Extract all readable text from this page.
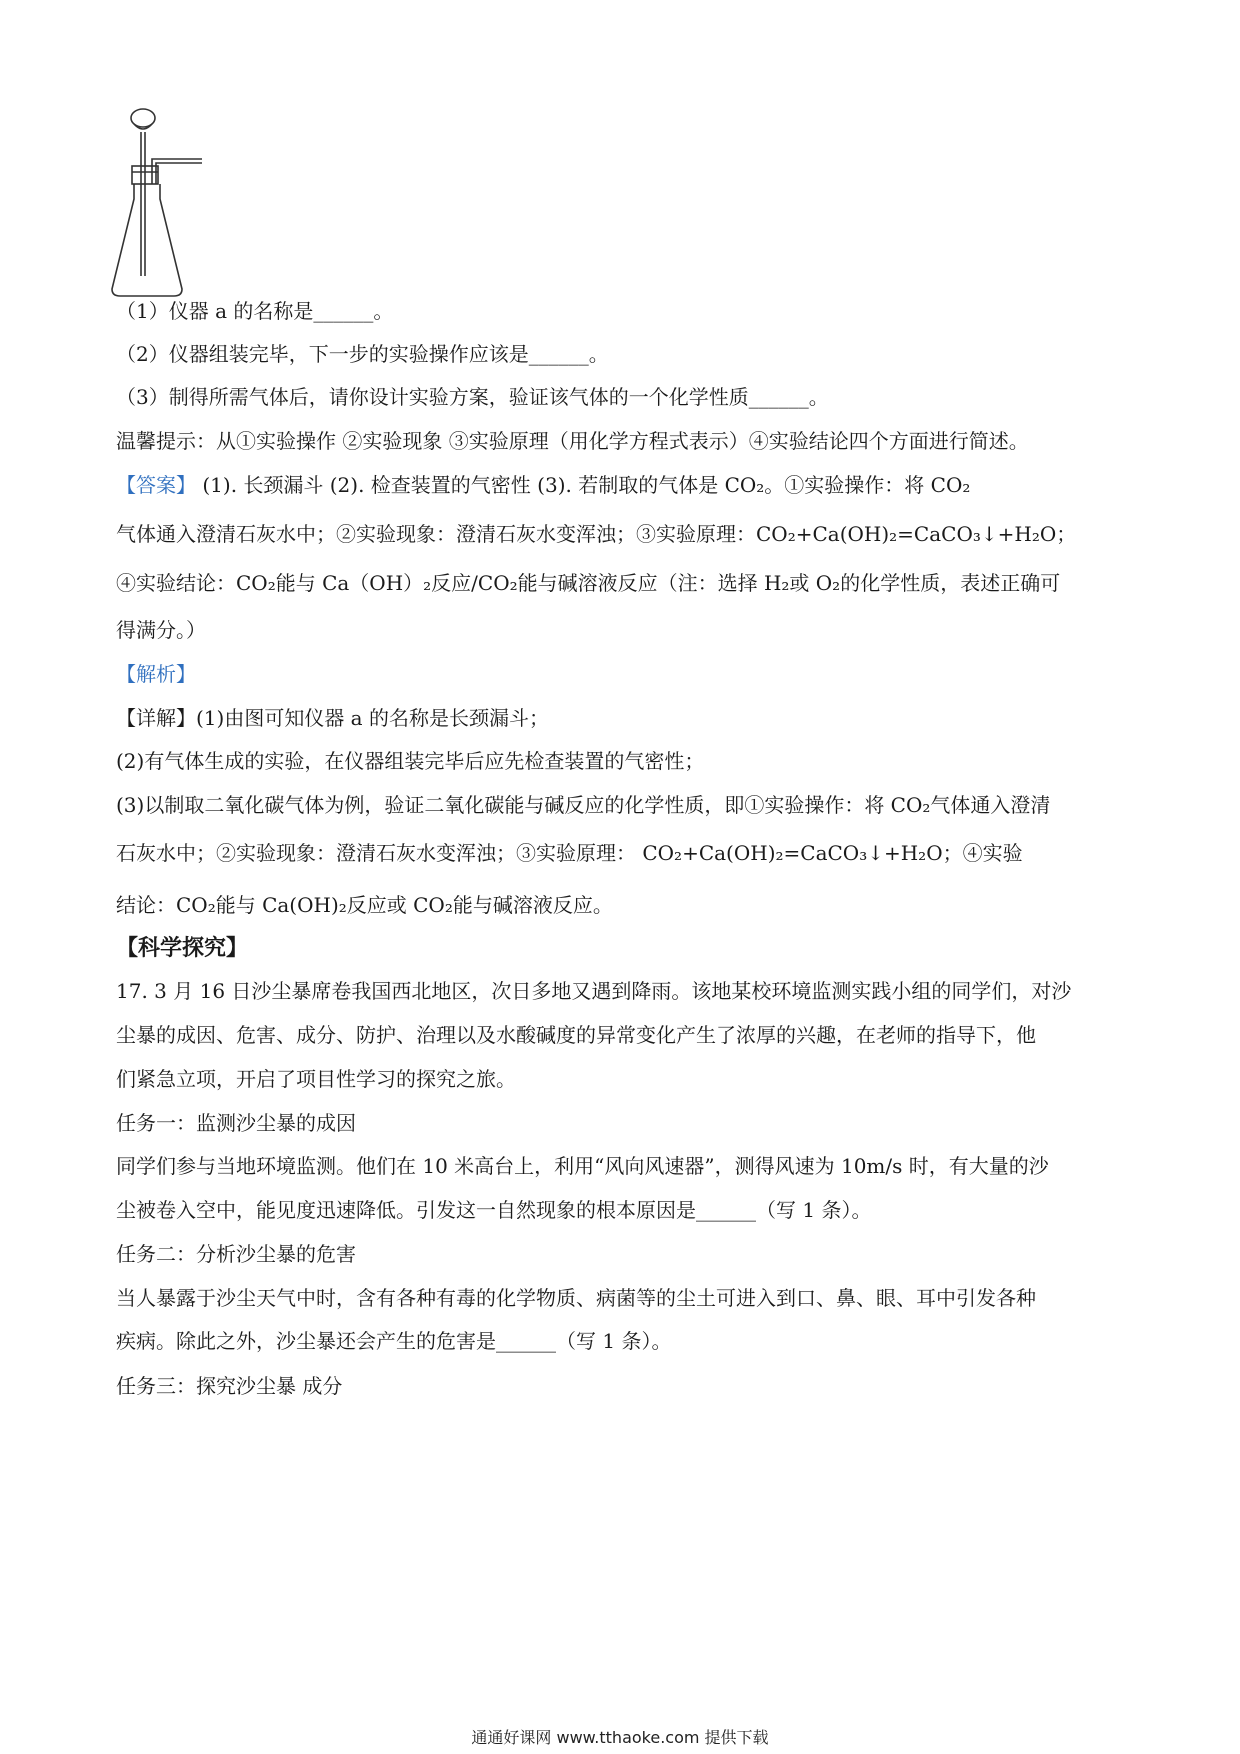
（1）仪器 a 的名称是______。
（2）仪器组装完毕，下一步的实验操作应该是______。
（3）制得所需气体后，请你设计实验方案，验证该气体的一个化学性质______。
温馨提示：从①实验操作 ②实验现象 ③实验原理（用化学方程式表示）④实验结论四个方面进行简述。
【答案】 (1). 长颈漏斗 (2). 检查装置的气密性 (3). 若制取的气体是 CO₂。①实验操作：将 CO₂
气体通入澄清石灰水中；②实验现象：澄清石灰水变浑浊；③实验原理：CO₂+Ca(OH)₂=CaCO₃↓+H₂O；
④实验结论：CO₂能与 Ca（OH）₂反应/CO₂能与碱溶液反应（注：选择 H₂或 O₂的化学性质，表述正确可
得满分。）
【解析】
【详解】(1)由图可知仪器 a 的名称是长颈漏斗；
(2)有气体生成的实验，在仪器组装完毕后应先检查装置的气密性；
(3)以制取二氧化碳气体为例，验证二氧化碳能与碱反应的化学性质，即①实验操作：将 CO₂气体通入澄清
石灰水中；②实验现象：澄清石灰水变浑浊；③实验原理： CO₂+Ca(OH)₂=CaCO₃↓+H₂O；④实验
结论：CO₂能与 Ca(OH)₂反应或 CO₂能与碱溶液反应。
【科学探究】
17. 3 月 16 日沙尘暴席卷我国西北地区，次日多地又遇到降雨。该地某校环境监测实践小组的同学们，对沙
尘暴的成因、危害、成分、防护、治理以及水酸碱度的异常变化产生了浓厚的兴趣，在老师的指导下，他
们紧急立项，开启了项目性学习的探究之旅。
任务一：监测沙尘暴的成因
同学们参与当地环境监测。他们在 10 米高台上，利用“风向风速器”，测得风速为 10m/s 时，有大量的沙
尘被卷入空中，能见度迅速降低。引发这一自然现象的根本原因是______（写 1 条）。
任务二：分析沙尘暴的危害
当人暴露于沙尘天气中时，含有各种有毒的化学物质、病菌等的尘土可进入到口、鼻、眼、耳中引发各种
疾病。除此之外，沙尘暴还会产生的危害是______（写 1 条）。
任务三：探究沙尘暴 成分
通通好课网 www.tthaoke.com 提供下载
